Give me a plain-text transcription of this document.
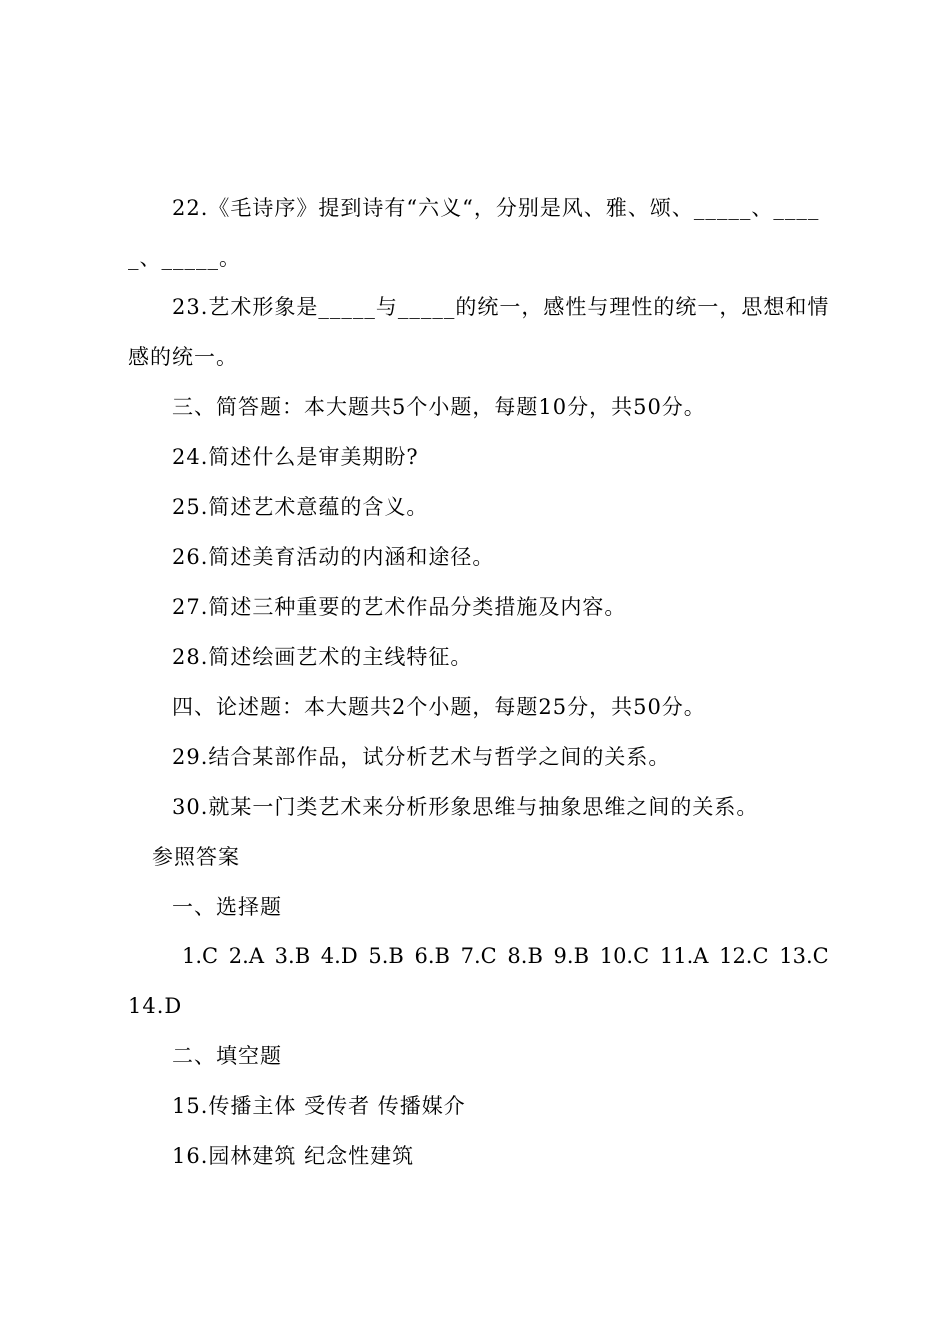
22.《毛诗序》提到诗有“六义“，分别是风、雅、颂、_____、____
_、_____。
23.艺术形象是_____与_____的统一，感性与理性的统一，思想和情
感的统一。
三、简答题：本大题共5个小题，每题10分，共50分。
24.简述什么是审美期盼?
25.简述艺术意蕴的含义。
26.简述美育活动的内涵和途径。
27.简述三种重要的艺术作品分类措施及内容。
28.简述绘画艺术的主线特征。
四、论述题：本大题共2个小题，每题25分，共50分。
29.结合某部作品，试分析艺术与哲学之间的关系。
30.就某一门类艺术来分析形象思维与抽象思维之间的关系。
参照答案
一、选择题
1.C 2.A 3.B 4.D 5.B 6.B 7.C 8.B 9.B 10.C 11.A 12.C 13.C
14.D
二、填空题
15.传播主体 受传者 传播媒介
16.园林建筑 纪念性建筑
